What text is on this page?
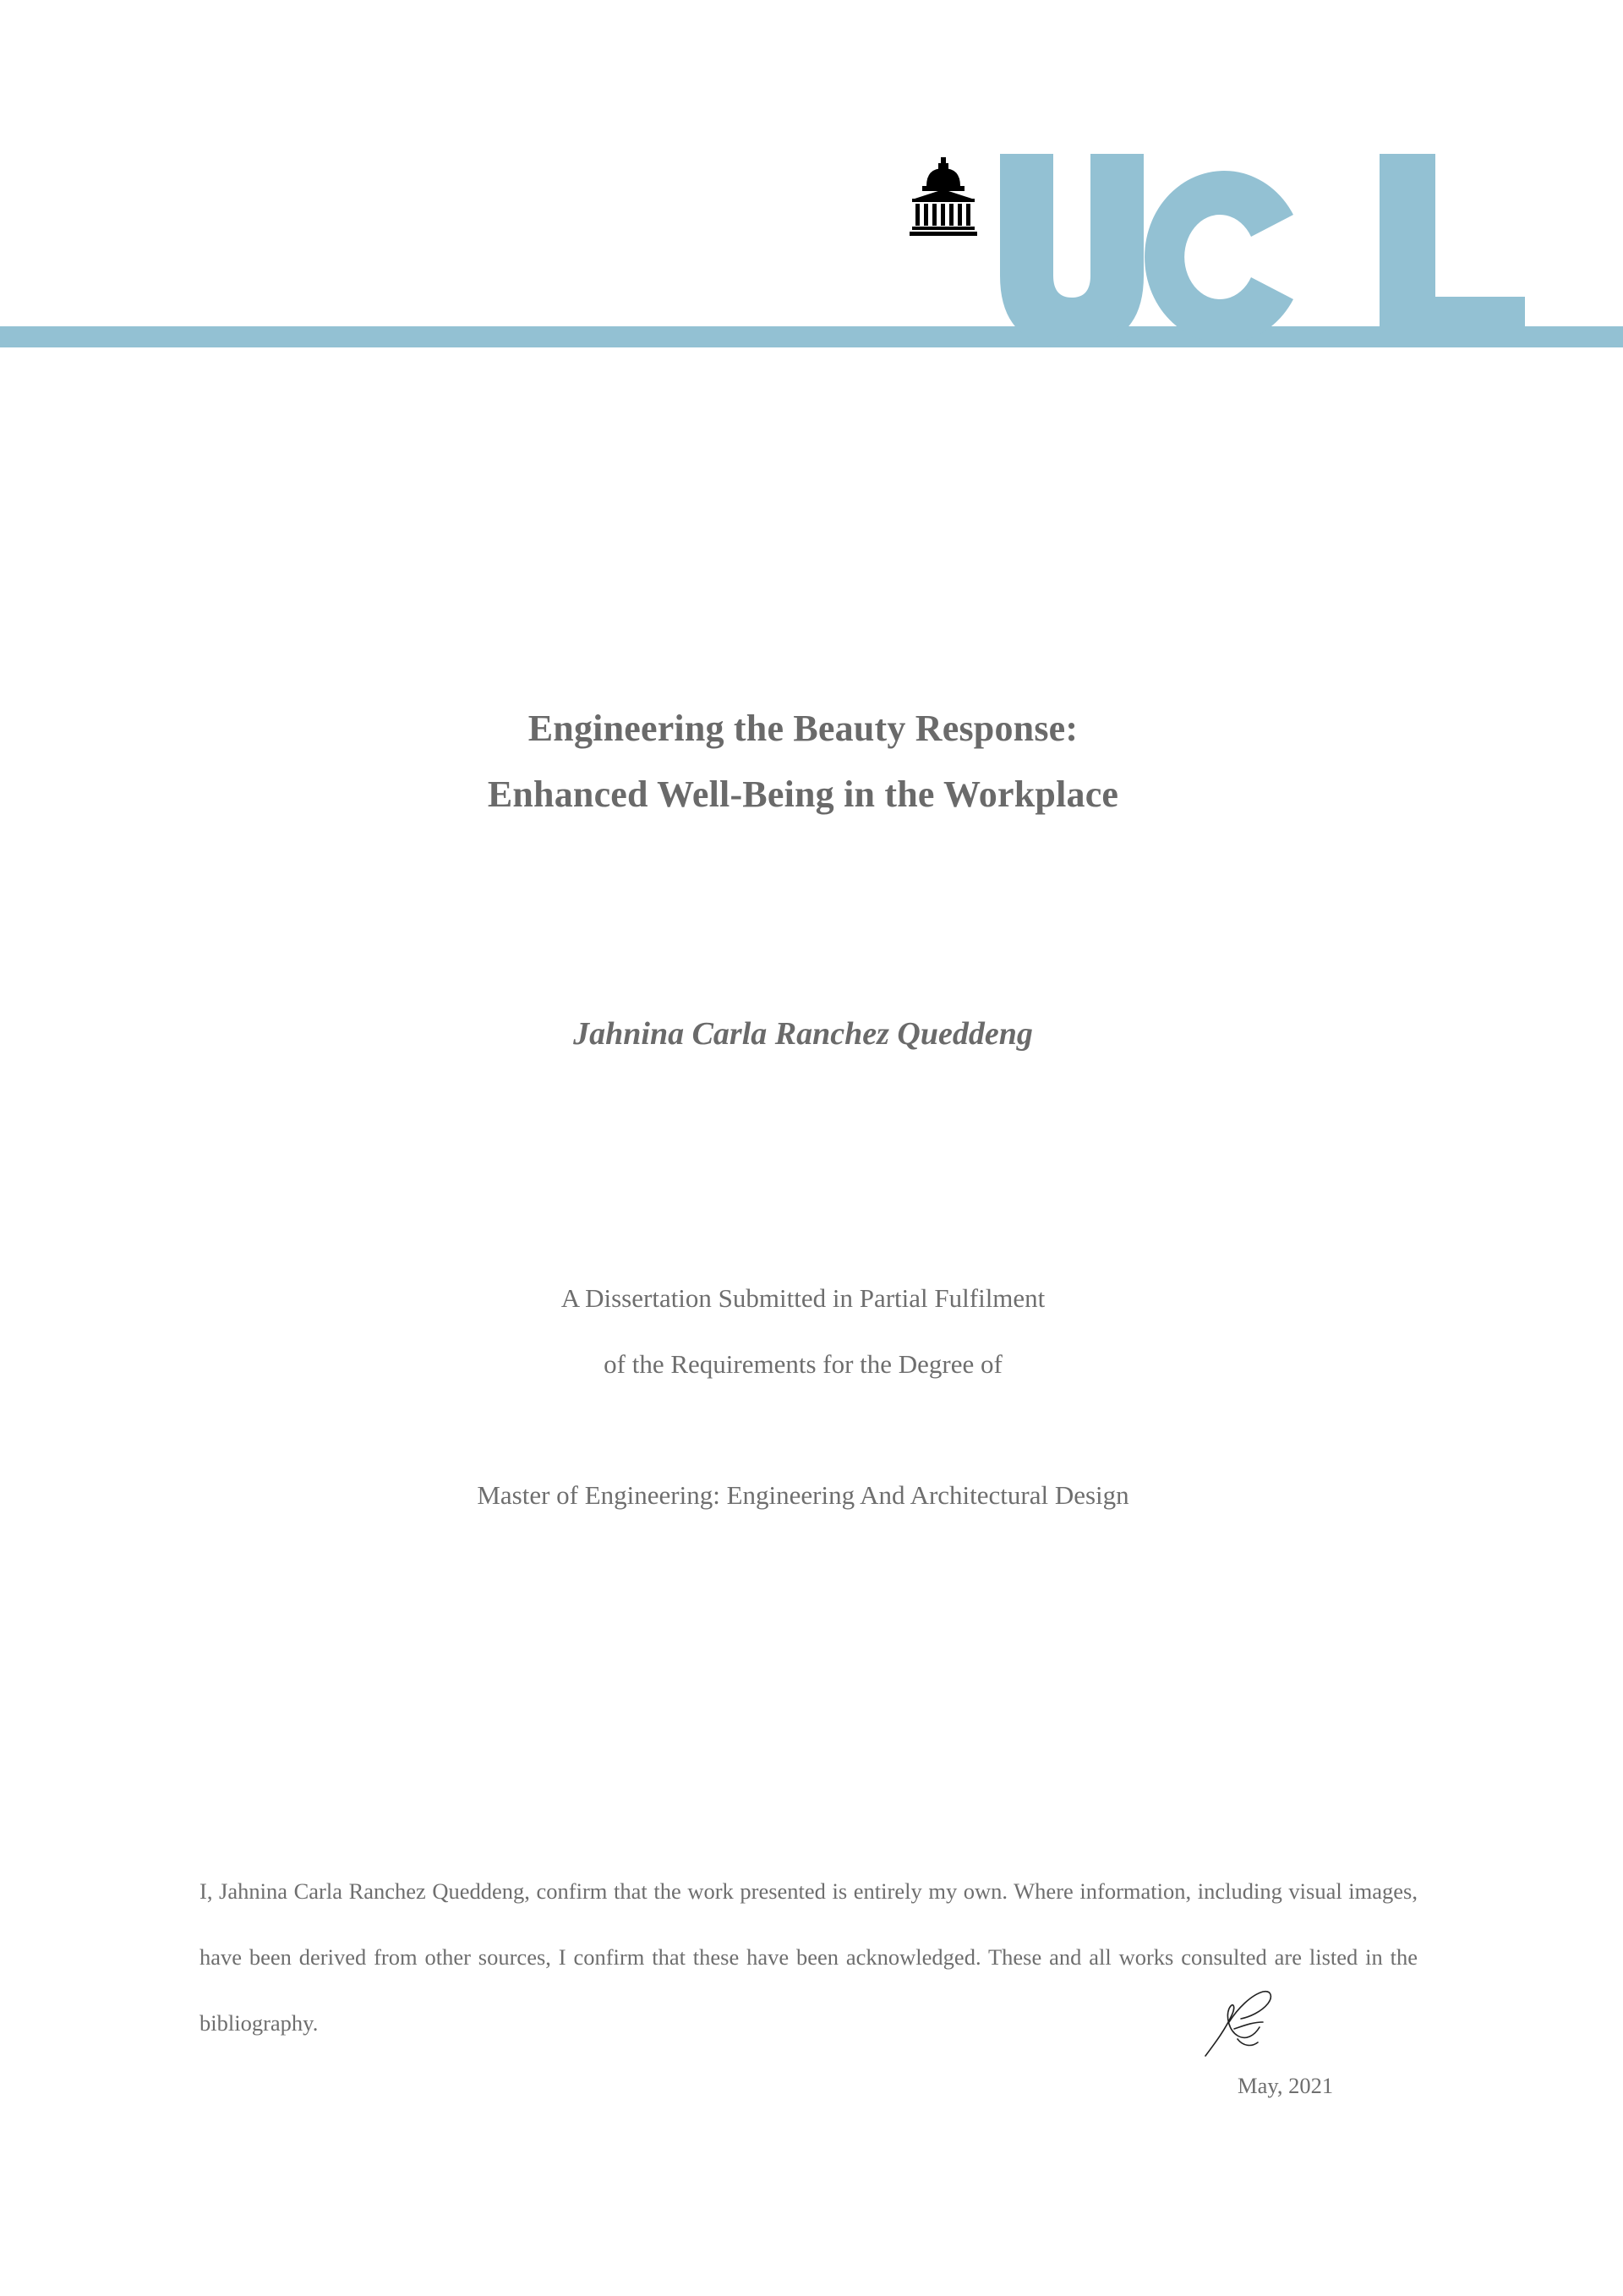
Engineering the Beauty Response:
Enhanced Well-Being in the Workplace
Jahnina Carla Ranchez Queddeng
A Dissertation Submitted in Partial Fulfilment
of the Requirements for the Degree of
Master of Engineering: Engineering And Architectural Design
I, Jahnina Carla Ranchez Queddeng, confirm that the work presented is entirely my own. Where information, including visual images, have been derived from other sources, I confirm that these have been acknowledged. These and all works consulted are listed in the bibliography.
May, 2021
